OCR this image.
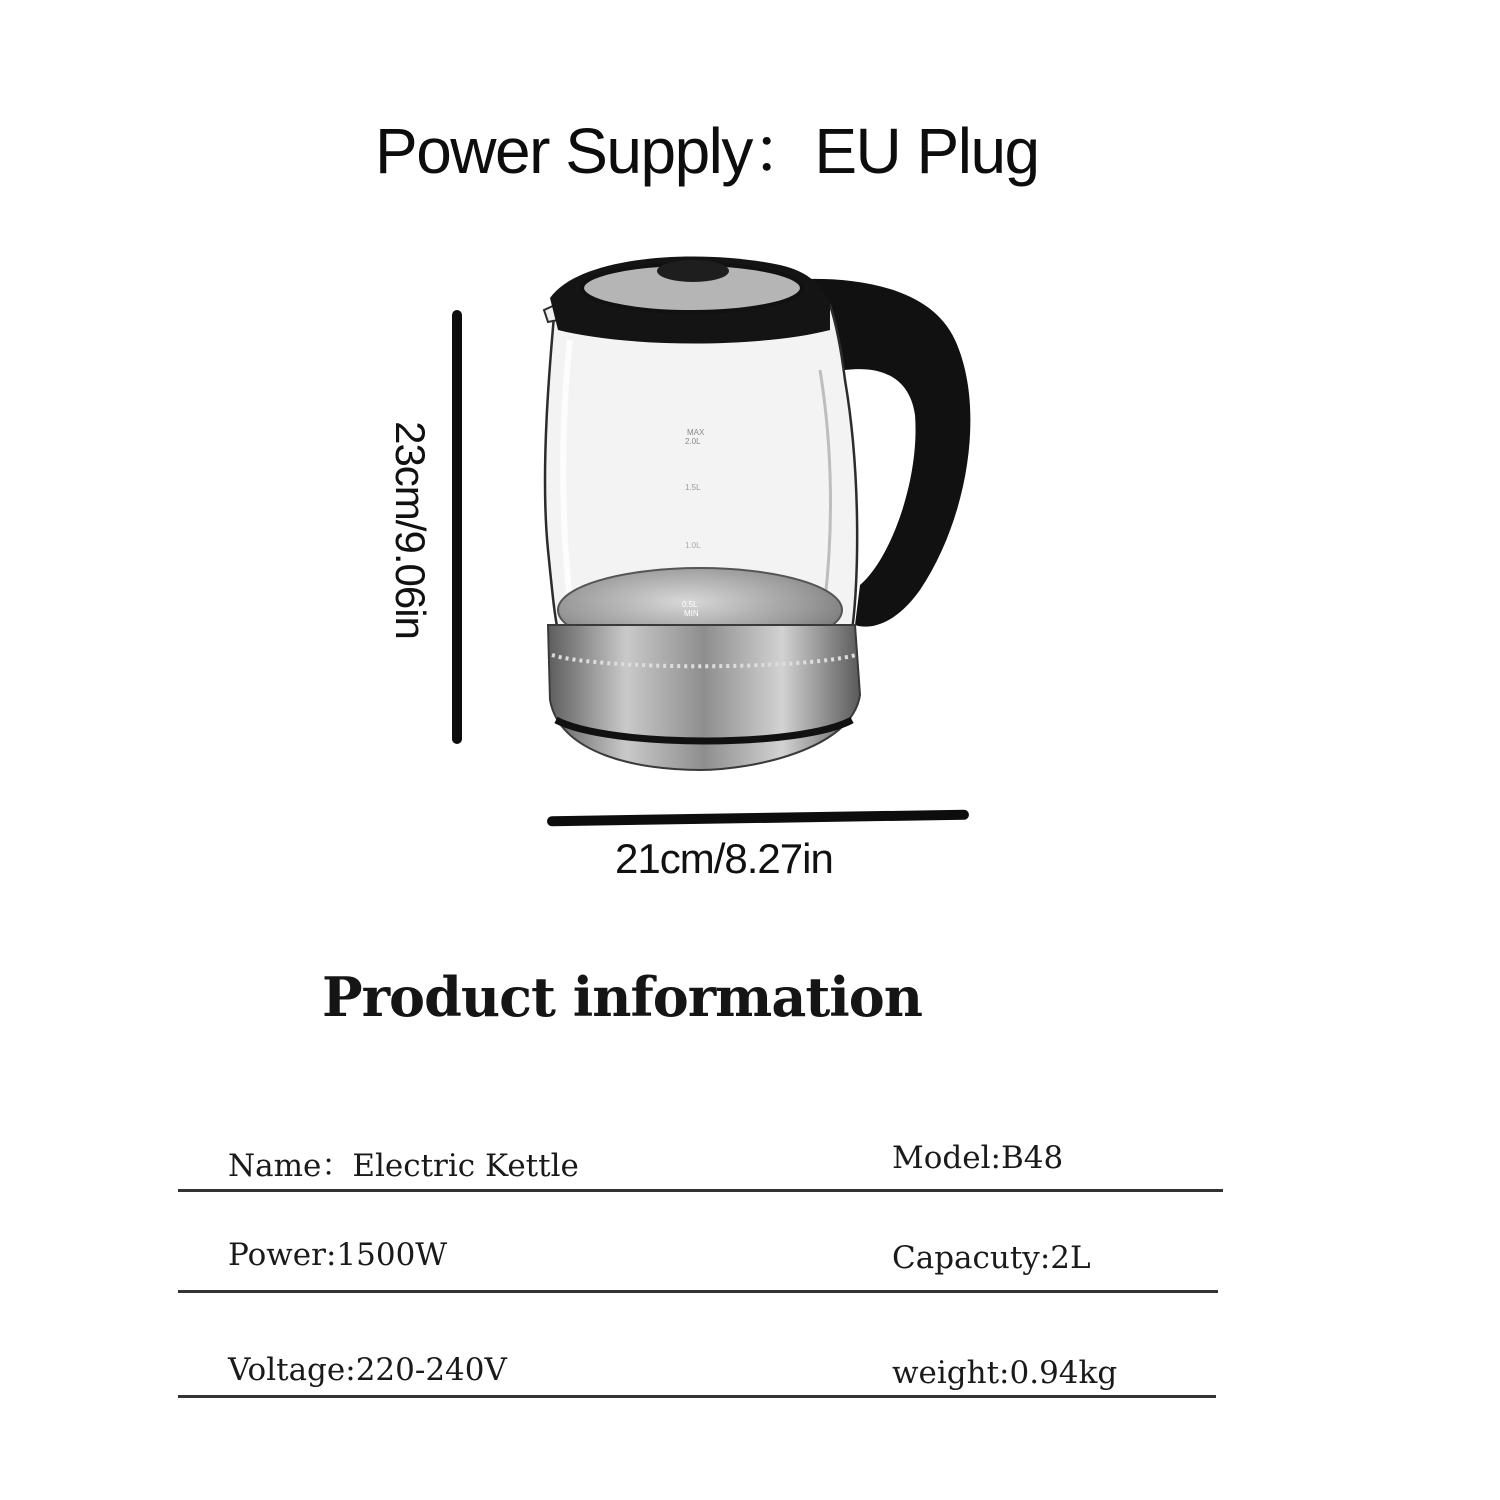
Power Supply：EU Plug
MAX
2.0L
1.5L
1.0L
0.5L
MIN
23cm/9.06in
21cm/8.27in
Product information
Name：Electric Kettle	Model:B48
Power:1500W	Capacuty:2L
Voltage:220-240V	weight:0.94kg
